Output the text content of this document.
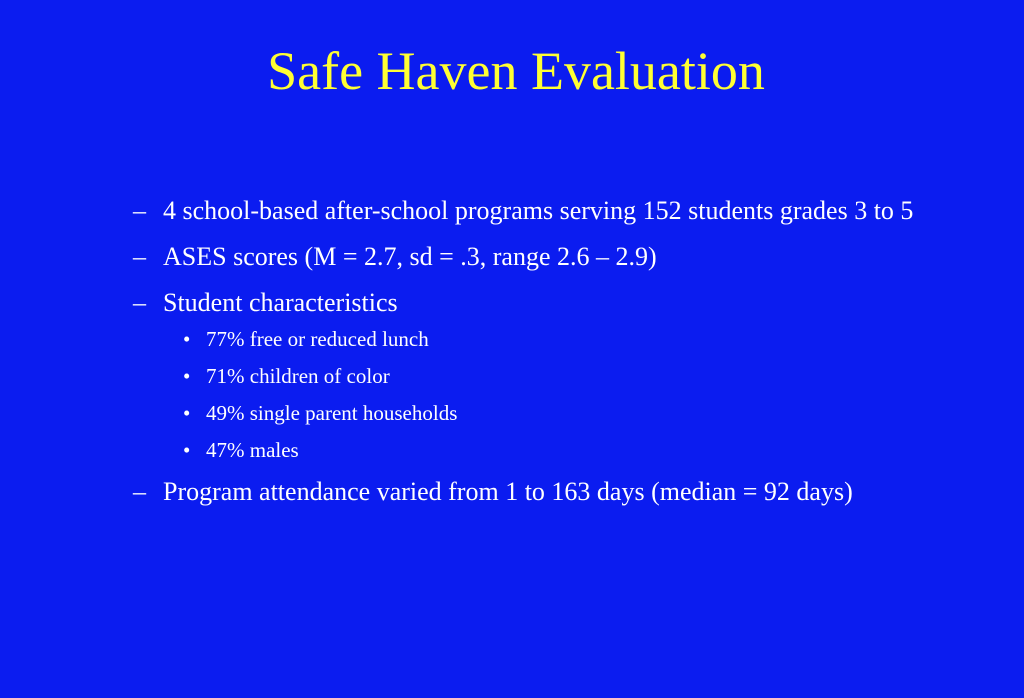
Safe Haven Evaluation
– 4 school-based after-school programs serving 152 students grades 3 to 5
– ASES scores (M = 2.7, sd = .3, range 2.6 – 2.9)
– Student characteristics
• 77% free or reduced lunch
• 71% children of color
• 49% single parent households
• 47% males
– Program attendance varied from 1 to 163 days (median = 92 days)
